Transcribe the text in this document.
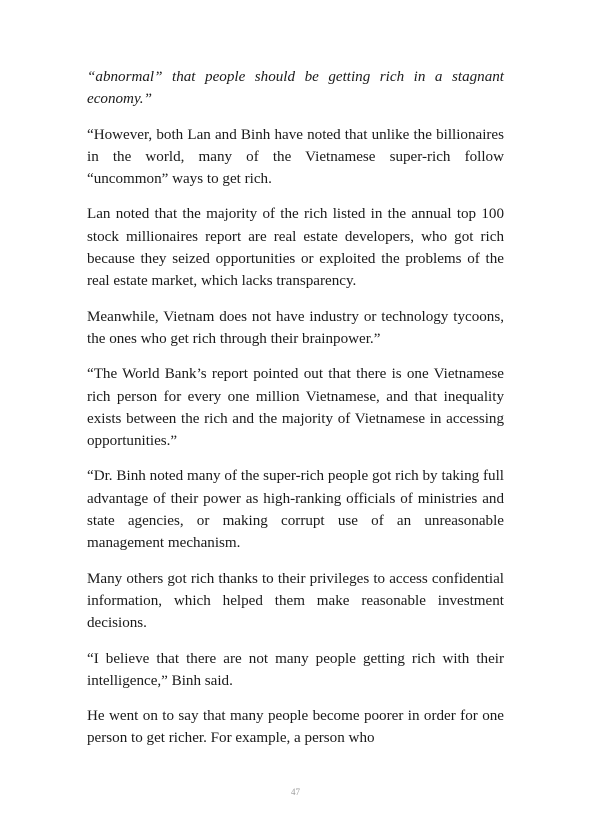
“abnormal” that people should be getting rich in a stagnant economy.”

“However, both Lan and Binh have noted that unlike the billionaires in the world, many of the Vietnamese super-rich follow “uncommon” ways to get rich.

Lan noted that the majority of the rich listed in the annual top 100 stock millionaires report are real estate developers, who got rich because they seized opportunities or exploited the problems of the real estate market, which lacks transparency.

Meanwhile, Vietnam does not have industry or technology tycoons, the ones who get rich through their brainpower.”

“The World Bank’s report pointed out that there is one Vietnamese rich person for every one million Vietnamese, and that inequality exists between the rich and the majority of Vietnamese in accessing opportunities.”

“Dr. Binh noted many of the super-rich people got rich by taking full advantage of their power as high-ranking officials of ministries and state agencies, or making corrupt use of an unreasonable management mechanism.

Many others got rich thanks to their privileges to access confidential information, which helped them make reasonable investment decisions.

“I believe that there are not many people getting rich with their intelligence,” Binh said.

He went on to say that many people become poorer in order for one person to get richer. For example, a person who

47
